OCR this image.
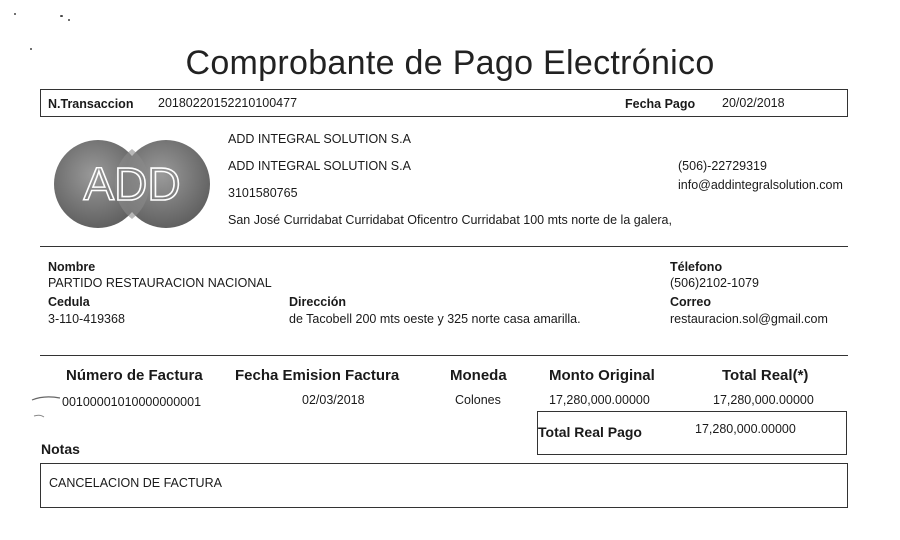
Comprobante de Pago Electrónico
N.Transaccion 20180220152210100477	Fecha Pago 20/02/2018
ADD
ADD INTEGRAL SOLUTION S.A
ADD INTEGRAL SOLUTION S.A
3101580765
San José Curridabat Curridabat Oficentro Curridabat 100 mts norte de la galera,
(506)-22729319
info@addintegralsolution.com
Nombre
PARTIDO RESTAURACION NACIONAL
Télefono
(506)2102-1079
Cedula
3-110-419368
Dirección
de Tacobell 200 mts oeste y 325 norte casa amarilla.
Correo
restauracion.sol@gmail.com
Número de Factura Fecha Emision Factura	Moneda	Monto Original	Total Real(*)
00100001010000000001	02/03/2018	Colones	17,280,000.00000	17,280,000.00000
Total Real Pago	17,280,000.00000
Notas
CANCELACION DE FACTURA
